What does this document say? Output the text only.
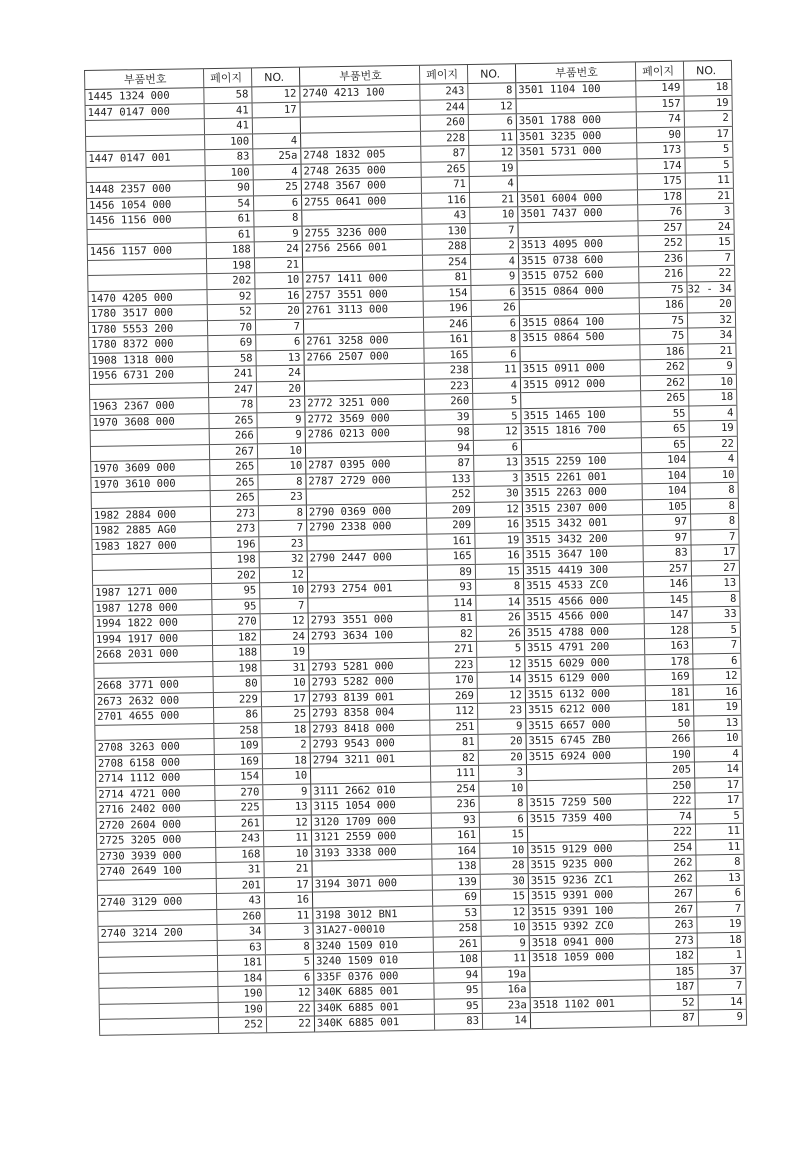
부품번호	페이지	NO.
1445 1324 000	58	12
1447 0147 000	41	17
41
100	4
1447 0147 001	83	25a
100	4
1448 2357 000	90	25
1456 1054 000	54	6
1456 1156 000	61	8
61	9
1456 1157 000	188	24
198	21
202	10
1470 4205 000	92	16
1780 3517 000	52	20
1780 5553 200	70	7
1780 8372 000	69	6
1908 1318 000	58	13
1956 6731 200	241	24
247	20
1963 2367 000	78	23
1970 3608 000	265	9
266	9
267	10
1970 3609 000	265	10
1970 3610 000	265	8
265	23
1982 2884 000	273	8
1982 2885 AG0	273	7
1983 1827 000	196	23
198	32
202	12
1987 1271 000	95	10
1987 1278 000	95	7
1994 1822 000	270	12
1994 1917 000	182	24
2668 2031 000	188	19
198	31
2668 3771 000	80	10
2673 2632 000	229	17
2701 4655 000	86	25
258	18
2708 3263 000	109	2
2708 6158 000	169	18
2714 1112 000	154	10
2714 4721 000	270	9
2716 2402 000	225	13
2720 2604 000	261	12
2725 3205 000	243	11
2730 3939 000	168	10
2740 2649 100	31	21
201	17
2740 3129 000	43	16
260	11
2740 3214 200	34	3
63	8
181	5
184	6
190	12
190	22
252	22
부품번호	페이지	NO.
2740 4213 100	243	8
244	12
260	6
228	11
2748 1832 005	87	12
2748 2635 000	265	19
2748 3567 000	71	4
2755 0641 000	116	21
43	10
2755 3236 000	130	7
2756 2566 001	288	2
254	4
2757 1411 000	81	9
2757 3551 000	154	6
2761 3113 000	196	26
246	6
2761 3258 000	161	8
2766 2507 000	165	6
238	11
223	4
2772 3251 000	260	5
2772 3569 000	39	5
2786 0213 000	98	12
94	6
2787 0395 000	87	13
2787 2729 000	133	3
252	30
2790 0369 000	209	12
2790 2338 000	209	16
161	19
2790 2447 000	165	16
89	15
2793 2754 001	93	8
114	14
2793 3551 000	81	26
2793 3634 100	82	26
271	5
2793 5281 000	223	12
2793 5282 000	170	14
2793 8139 001	269	12
2793 8358 004	112	23
2793 8418 000	251	9
2793 9543 000	81	20
2794 3211 001	82	20
111	3
3111 2662 010	254	10
3115 1054 000	236	8
3120 1709 000	93	6
3121 2559 000	161	15
3193 3338 000	164	10
138	28
3194 3071 000	139	30
69	15
3198 3012 BN1	53	12
31A27-00010	258	10
3240 1509 010	261	9
3240 1509 010	108	11
335F 0376 000	94	19a
340K 6885 001	95	16a
340K 6885 001	95	23a
340K 6885 001	83	14
부품번호	페이지	NO.
3501 1104 100	149	18
157	19
3501 1788 000	74	2
3501 3235 000	90	17
3501 5731 000	173	5
174	5
175	11
3501 6004 000	178	21
3501 7437 000	76	3
257	24
3513 4095 000	252	15
3515 0738 600	236	7
3515 0752 600	216	22
3515 0864 000	75 32 - 34
186	20
3515 0864 100	75	32
3515 0864 500	75	34
186	21
3515 0911 000	262	9
3515 0912 000	262	10
265	18
3515 1465 100	55	4
3515 1816 700	65	19
65	22
3515 2259 100	104	4
3515 2261 001	104	10
3515 2263 000	104	8
3515 2307 000	105	8
3515 3432 001	97	8
3515 3432 200	97	7
3515 3647 100	83	17
3515 4419 300	257	27
3515 4533 ZC0	146	13
3515 4566 000	145	8
3515 4566 000	147	33
3515 4788 000	128	5
3515 4791 200	163	7
3515 6029 000	178	6
3515 6129 000	169	12
3515 6132 000	181	16
3515 6212 000	181	19
3515 6657 000	50	13
3515 6745 ZB0	266	10
3515 6924 000	190	4
205	14
250	17
3515 7259 500	222	17
3515 7359 400	74	5
222	11
3515 9129 000	254	11
3515 9235 000	262	8
3515 9236 ZC1	262	13
3515 9391 000	267	6
3515 9391 100	267	7
3515 9392 ZC0	263	19
3518 0941 000	273	18
3518 1059 000	182	1
185	37
187	7
3518 1102 001	52	14
87	9
